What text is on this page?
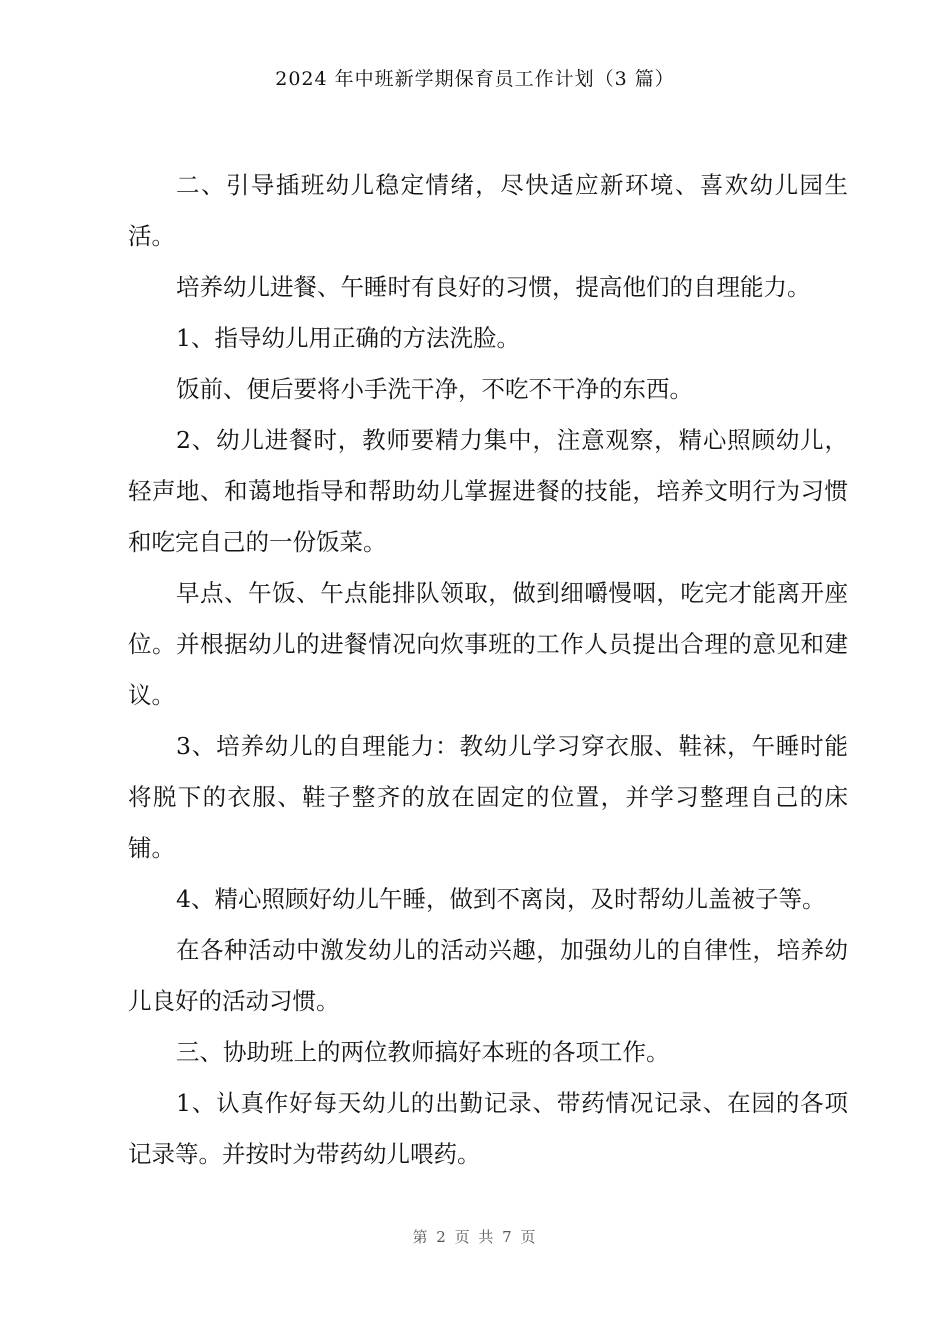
2024 年中班新学期保育员工作计划（3 篇）

二、引导插班幼儿稳定情绪，尽快适应新环境、喜欢幼儿园生活。

培养幼儿进餐、午睡时有良好的习惯，提高他们的自理能力。

1、指导幼儿用正确的方法洗脸。

饭前、便后要将小手洗干净，不吃不干净的东西。

2、幼儿进餐时，教师要精力集中，注意观察，精心照顾幼儿，轻声地、和蔼地指导和帮助幼儿掌握进餐的技能，培养文明行为习惯和吃完自己的一份饭菜。

早点、午饭、午点能排队领取，做到细嚼慢咽，吃完才能离开座位。并根据幼儿的进餐情况向炊事班的工作人员提出合理的意见和建议。

3、培养幼儿的自理能力：教幼儿学习穿衣服、鞋袜，午睡时能将脱下的衣服、鞋子整齐的放在固定的位置，并学习整理自己的床铺。

4、精心照顾好幼儿午睡，做到不离岗，及时帮幼儿盖被子等。

在各种活动中激发幼儿的活动兴趣，加强幼儿的自律性，培养幼儿良好的活动习惯。

三、协助班上的两位教师搞好本班的各项工作。

1、认真作好每天幼儿的出勤记录、带药情况记录、在园的各项记录等。并按时为带药幼儿喂药。

第 2 页 共 7 页
